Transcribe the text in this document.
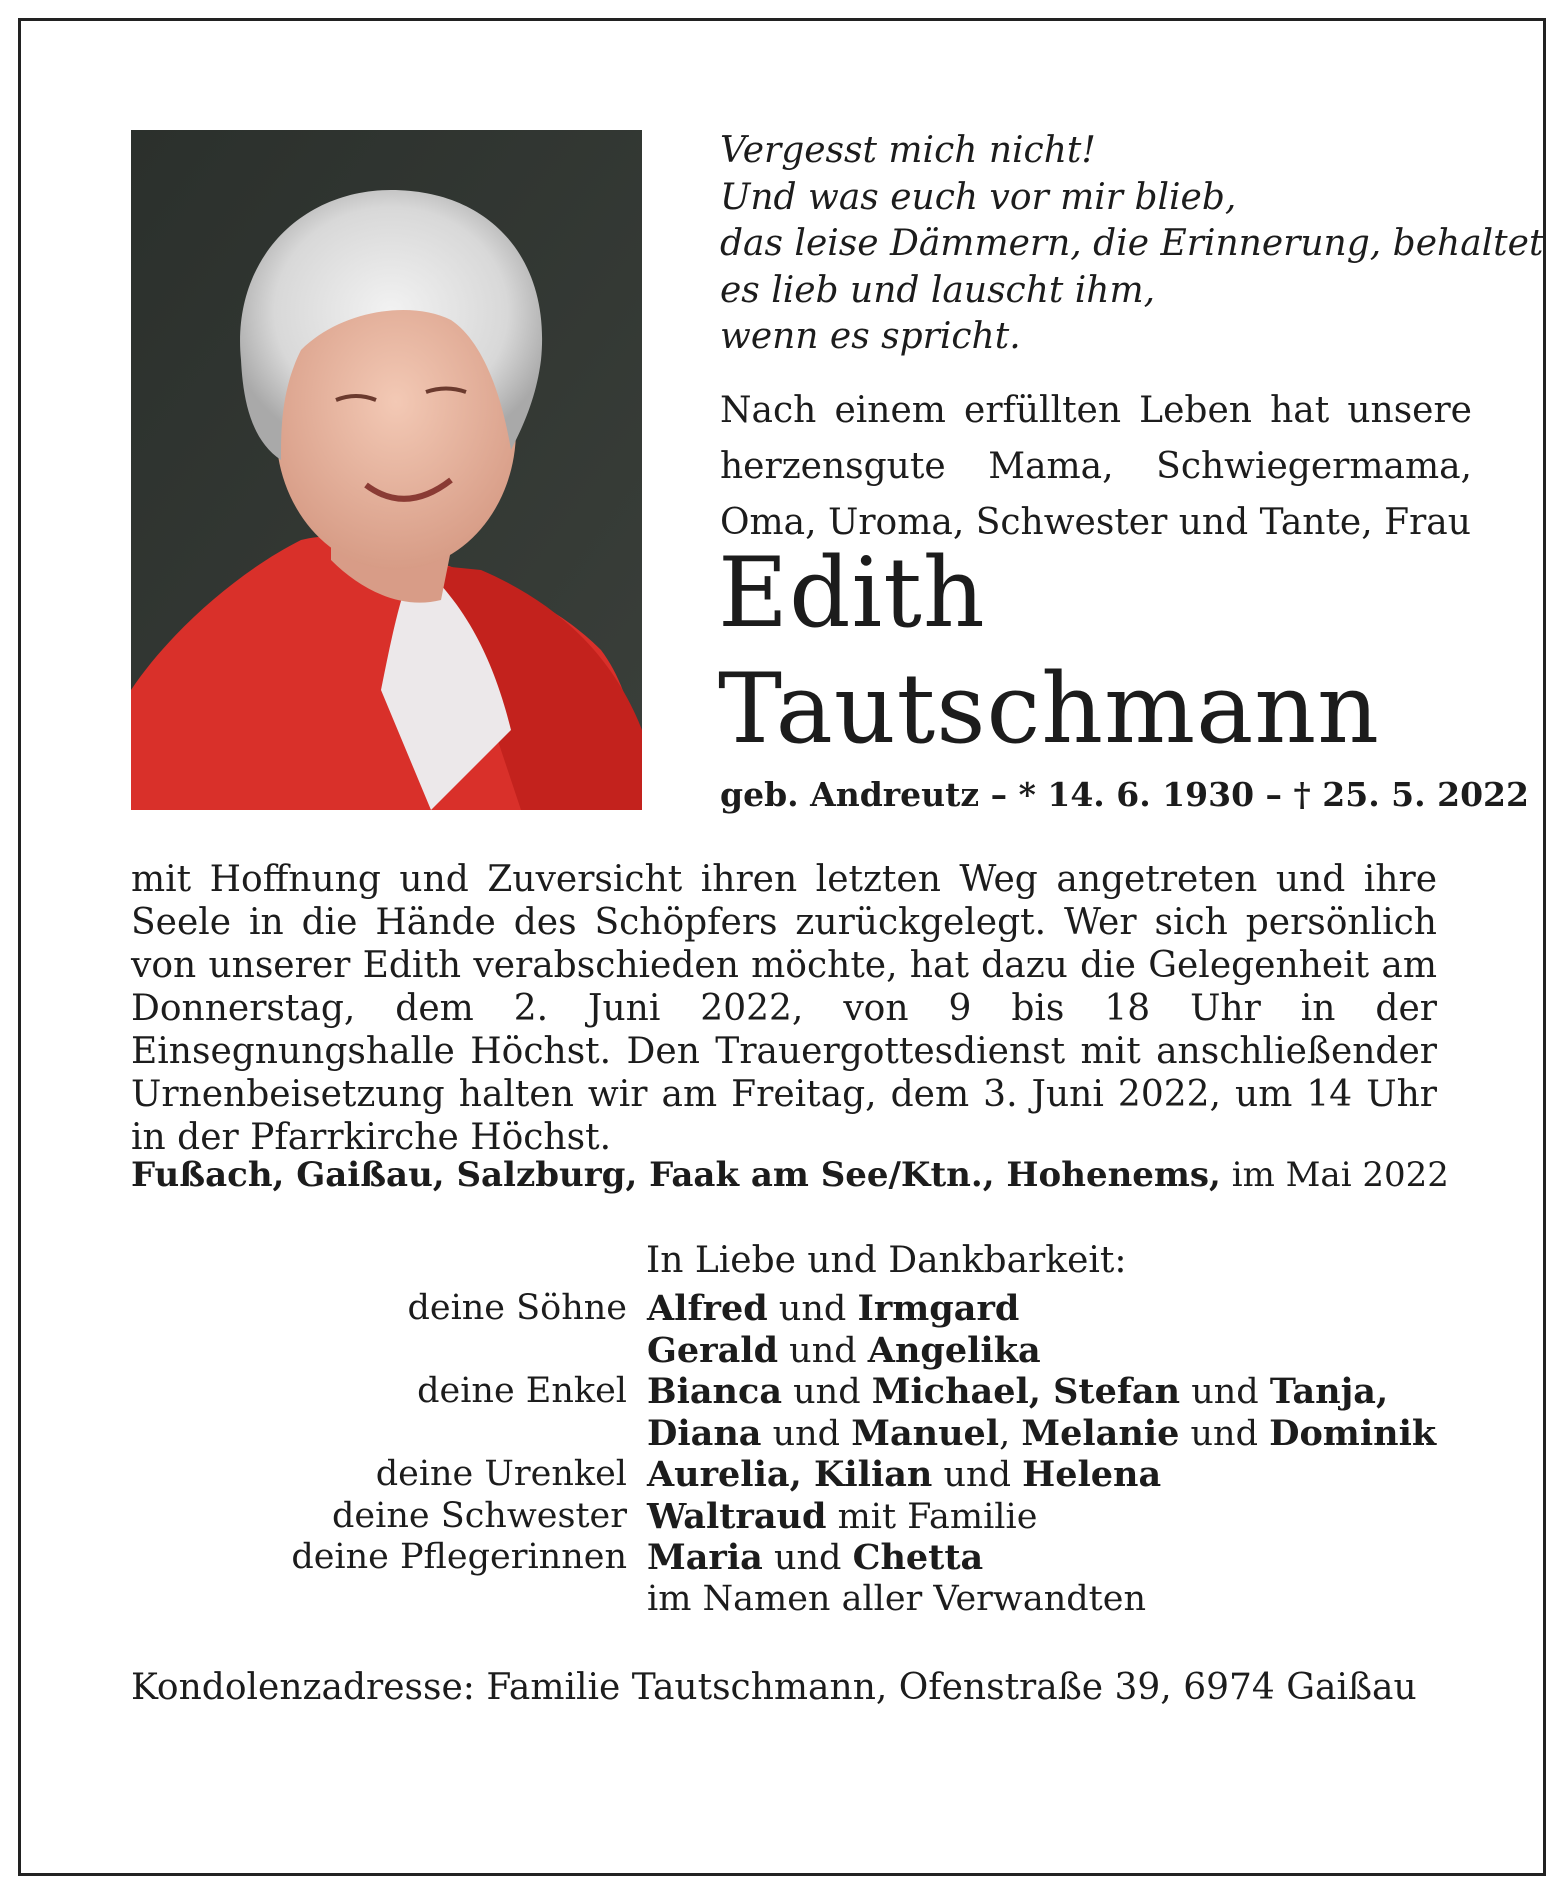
Vergesst mich nicht!
Und was euch vor mir blieb,
das leise Dämmern, die Erinnerung, behaltet
es lieb und lauscht ihm,
wenn es spricht.

Nach einem erfüllten Leben hat unsere herzensgute Mama, Schwiegermama, Oma, Uroma, Schwester und Tante, Frau

Edith
Tautschmann
geb. Andreutz – * 14. 6. 1930 – † 25. 5. 2022

mit Hoffnung und Zuversicht ihren letzten Weg angetreten und ihre Seele in die Hände des Schöpfers zurückgelegt. Wer sich persönlich von unserer Edith verabschieden möchte, hat dazu die Gelegenheit am Donnerstag, dem 2. Juni 2022, von 9 bis 18 Uhr in der Einsegnungshalle Höchst. Den Trauergottesdienst mit anschließender Urnenbeisetzung halten wir am Freitag, dem 3. Juni 2022, um 14 Uhr in der Pfarrkirche Höchst.

Fußach, Gaißau, Salzburg, Faak am See/Ktn., Hohenems, im Mai 2022
In Liebe und Dankbarkeit:
deine Söhne Alfred und Irmgard
Gerald und Angelika
deine Enkel Bianca und Michael, Stefan und Tanja,
Diana und Manuel, Melanie und Dominik
deine Urenkel Aurelia, Kilian und Helena
deine Schwester Waltraud mit Familie
deine Pflegerinnen Maria und Chetta
im Namen aller Verwandten
Kondolenzadresse: Familie Tautschmann, Ofenstraße 39, 6974 Gaißau
